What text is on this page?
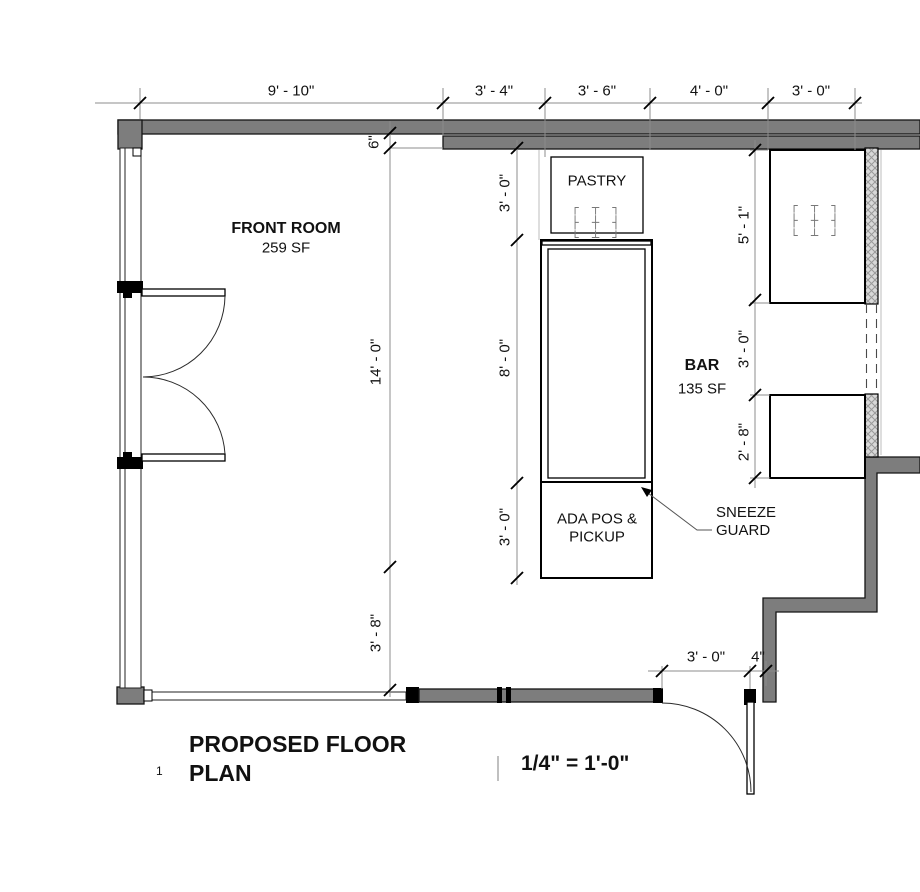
9' - 10"	3' - 4"	3' - 6"	4' - 0"	3' - 0"
6"
14' - 0"
3' - 8"
3' - 0"
8' - 0"
3' - 0"
5' - 1"
3' - 0"
2' - 8"
3' - 0" 4"
FRONT ROOM
259 SF
BAR
135 SF
PASTRY
ADA POS &
PICKUP
SNEEZE
GUARD
┌ ┬ ┐
├ ┼ ┤
└ ┴ ┘
┌ ┬ ┐
├ ┼ ┤
└ ┴ ┘
1
PROPOSED FLOOR PLAN	1/4" = 1'-0"
